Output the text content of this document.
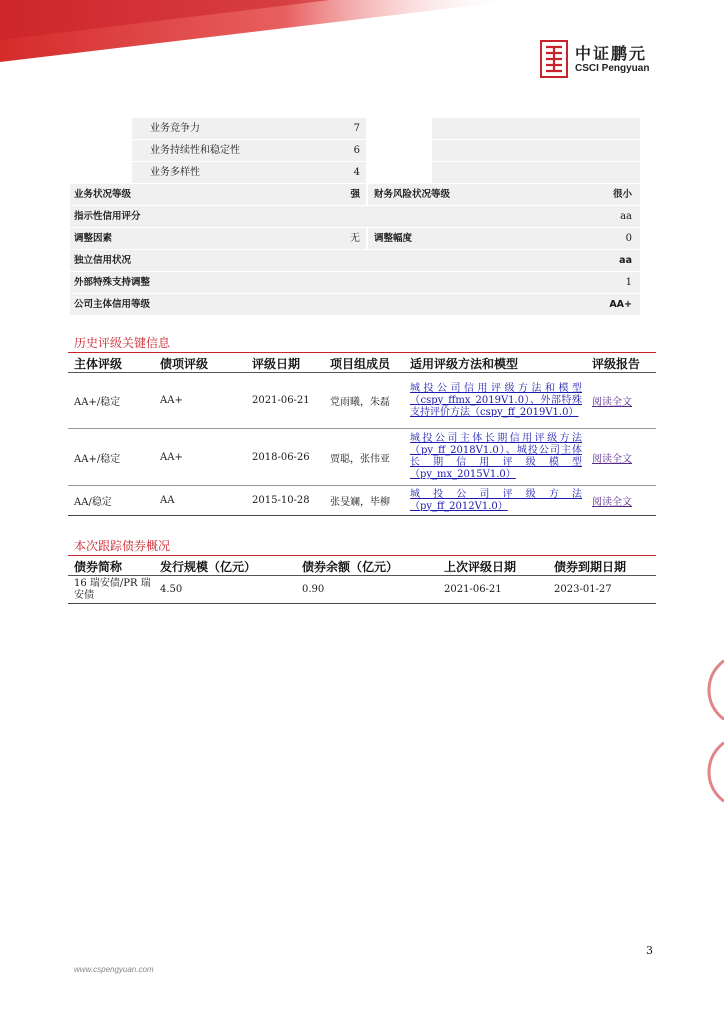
中证鹏元
CSCI Pengyuan
业务竞争力	7
业务持续性和稳定性	6
业务多样性	4
业务状况等级	强	财务风险状况等级	很小
指示性信用评分	aa
调整因素	无	调整幅度	0
独立信用状况	aa
外部特殊支持调整	1
公司主体信用等级	AA+
历史评级关键信息
主体评级	债项评级	评级日期	项目组成员	适用评级方法和模型	评级报告
AA+/稳定	AA+	2021-06-21	党雨曦，朱磊	城投公司信用评级方法和模型（cspy_ffmx_2019V1.0）、外部特殊支持评价方法（cspy_ff_2019V1.0）	阅读全文
AA+/稳定	AA+	2018-06-26	贾聪，张伟亚	城投公司主体长期信用评级方法（py_ff_2018V1.0）、城投公司主体长期信用评级模型（py_mx_2015V1.0）	阅读全文
AA/稳定	AA	2015-10-28	张旻斓，毕柳	城投公司评级方法（py_ff_2012V1.0）	阅读全文
本次跟踪债券概况
债券简称	发行规模（亿元）	债券余额（亿元）	上次评级日期	债券到期日期
16 瑞安债/PR 瑞安债	4.50	0.90	2021-06-21	2023-01-27
3
www.cspengyuan.com
